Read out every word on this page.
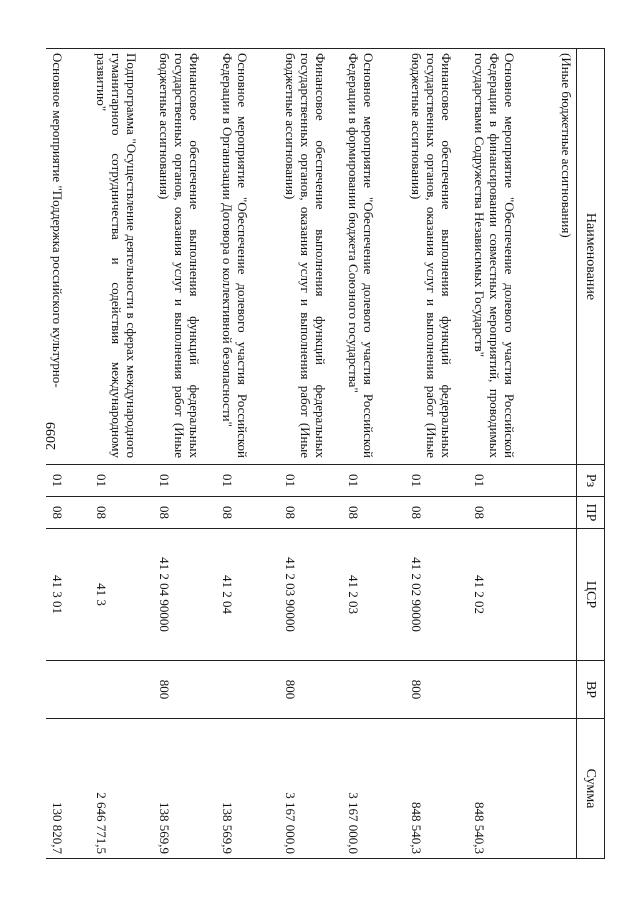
2099
Наименование	Рз	ПР	ЦСР	ВР	Сумма
(Иные бюджетные ассигнования)					
Основное мероприятие "Обеспечение долевого участия Российской Федерации в финансировании совместных мероприятий, проводимых государствами Содружества Независимых Государств"	01	08	41 2 02		848 540,3
Финансовое обеспечение выполнения функций федеральных государственных органов, оказания услуг и выполнения работ (Иные бюджетные ассигнования)	01	08	41 2 02 90000	800	848 540,3
Основное мероприятие "Обеспечение долевого участия Российской Федерации в формировании бюджета Союзного государства"	01	08	41 2 03		3 167 000,0
Финансовое обеспечение выполнения функций федеральных государственных органов, оказания услуг и выполнения работ (Иные бюджетные ассигнования)	01	08	41 2 03 90000	800	3 167 000,0
Основное мероприятие "Обеспечение долевого участия Российской Федерации в Организации Договора о коллективной безопасности"	01	08	41 2 04		138 569,9
Финансовое обеспечение выполнения функций федеральных государственных органов, оказания услуг и выполнения работ (Иные бюджетные ассигнования)	01	08	41 2 04 90000	800	138 569,9
Подпрограмма "Осуществление деятельности в сферах международного гуманитарного сотрудничества и содействия международному развитию"	01	08	41 3		2 646 771,5
Основное мероприятие "Поддержка российского культурно-	01	08	41 3 01		130 820,7
